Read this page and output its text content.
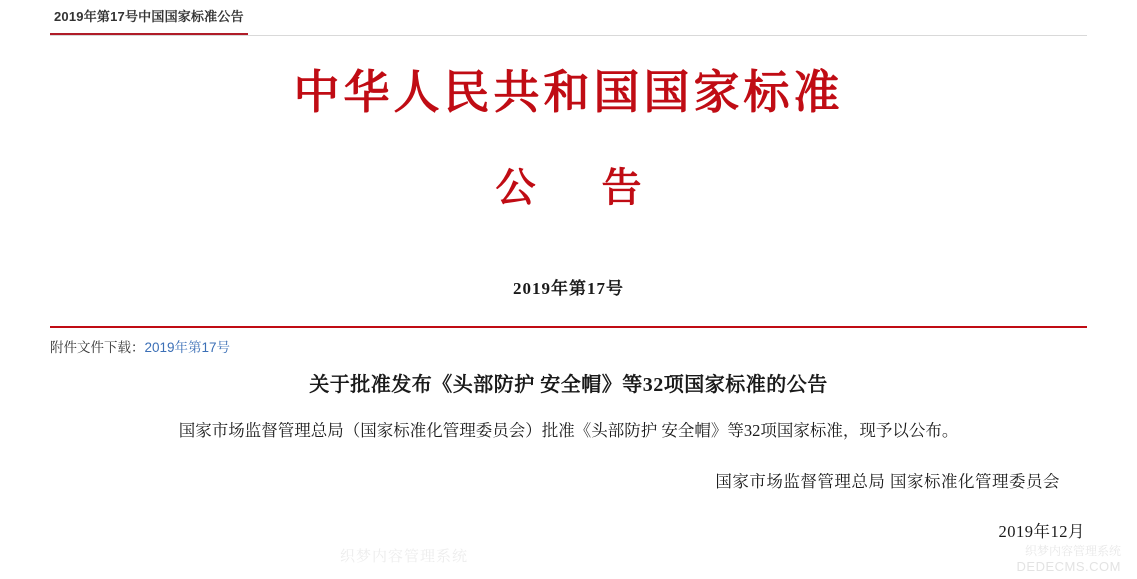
2019年第17号中国国家标准公告
中华人民共和国国家标准
公 告
2019年第17号
附件文件下载：2019年第17号
关于批准发布《头部防护 安全帽》等32项国家标准的公告
国家市场监督管理总局（国家标准化管理委员会）批准《头部防护 安全帽》等32项国家标准，现予以公布。
国家市场监督管理总局 国家标准化管理委员会
2019年12月
织梦内容管理系统	织梦内容管理系统
DEDECMS.COM
